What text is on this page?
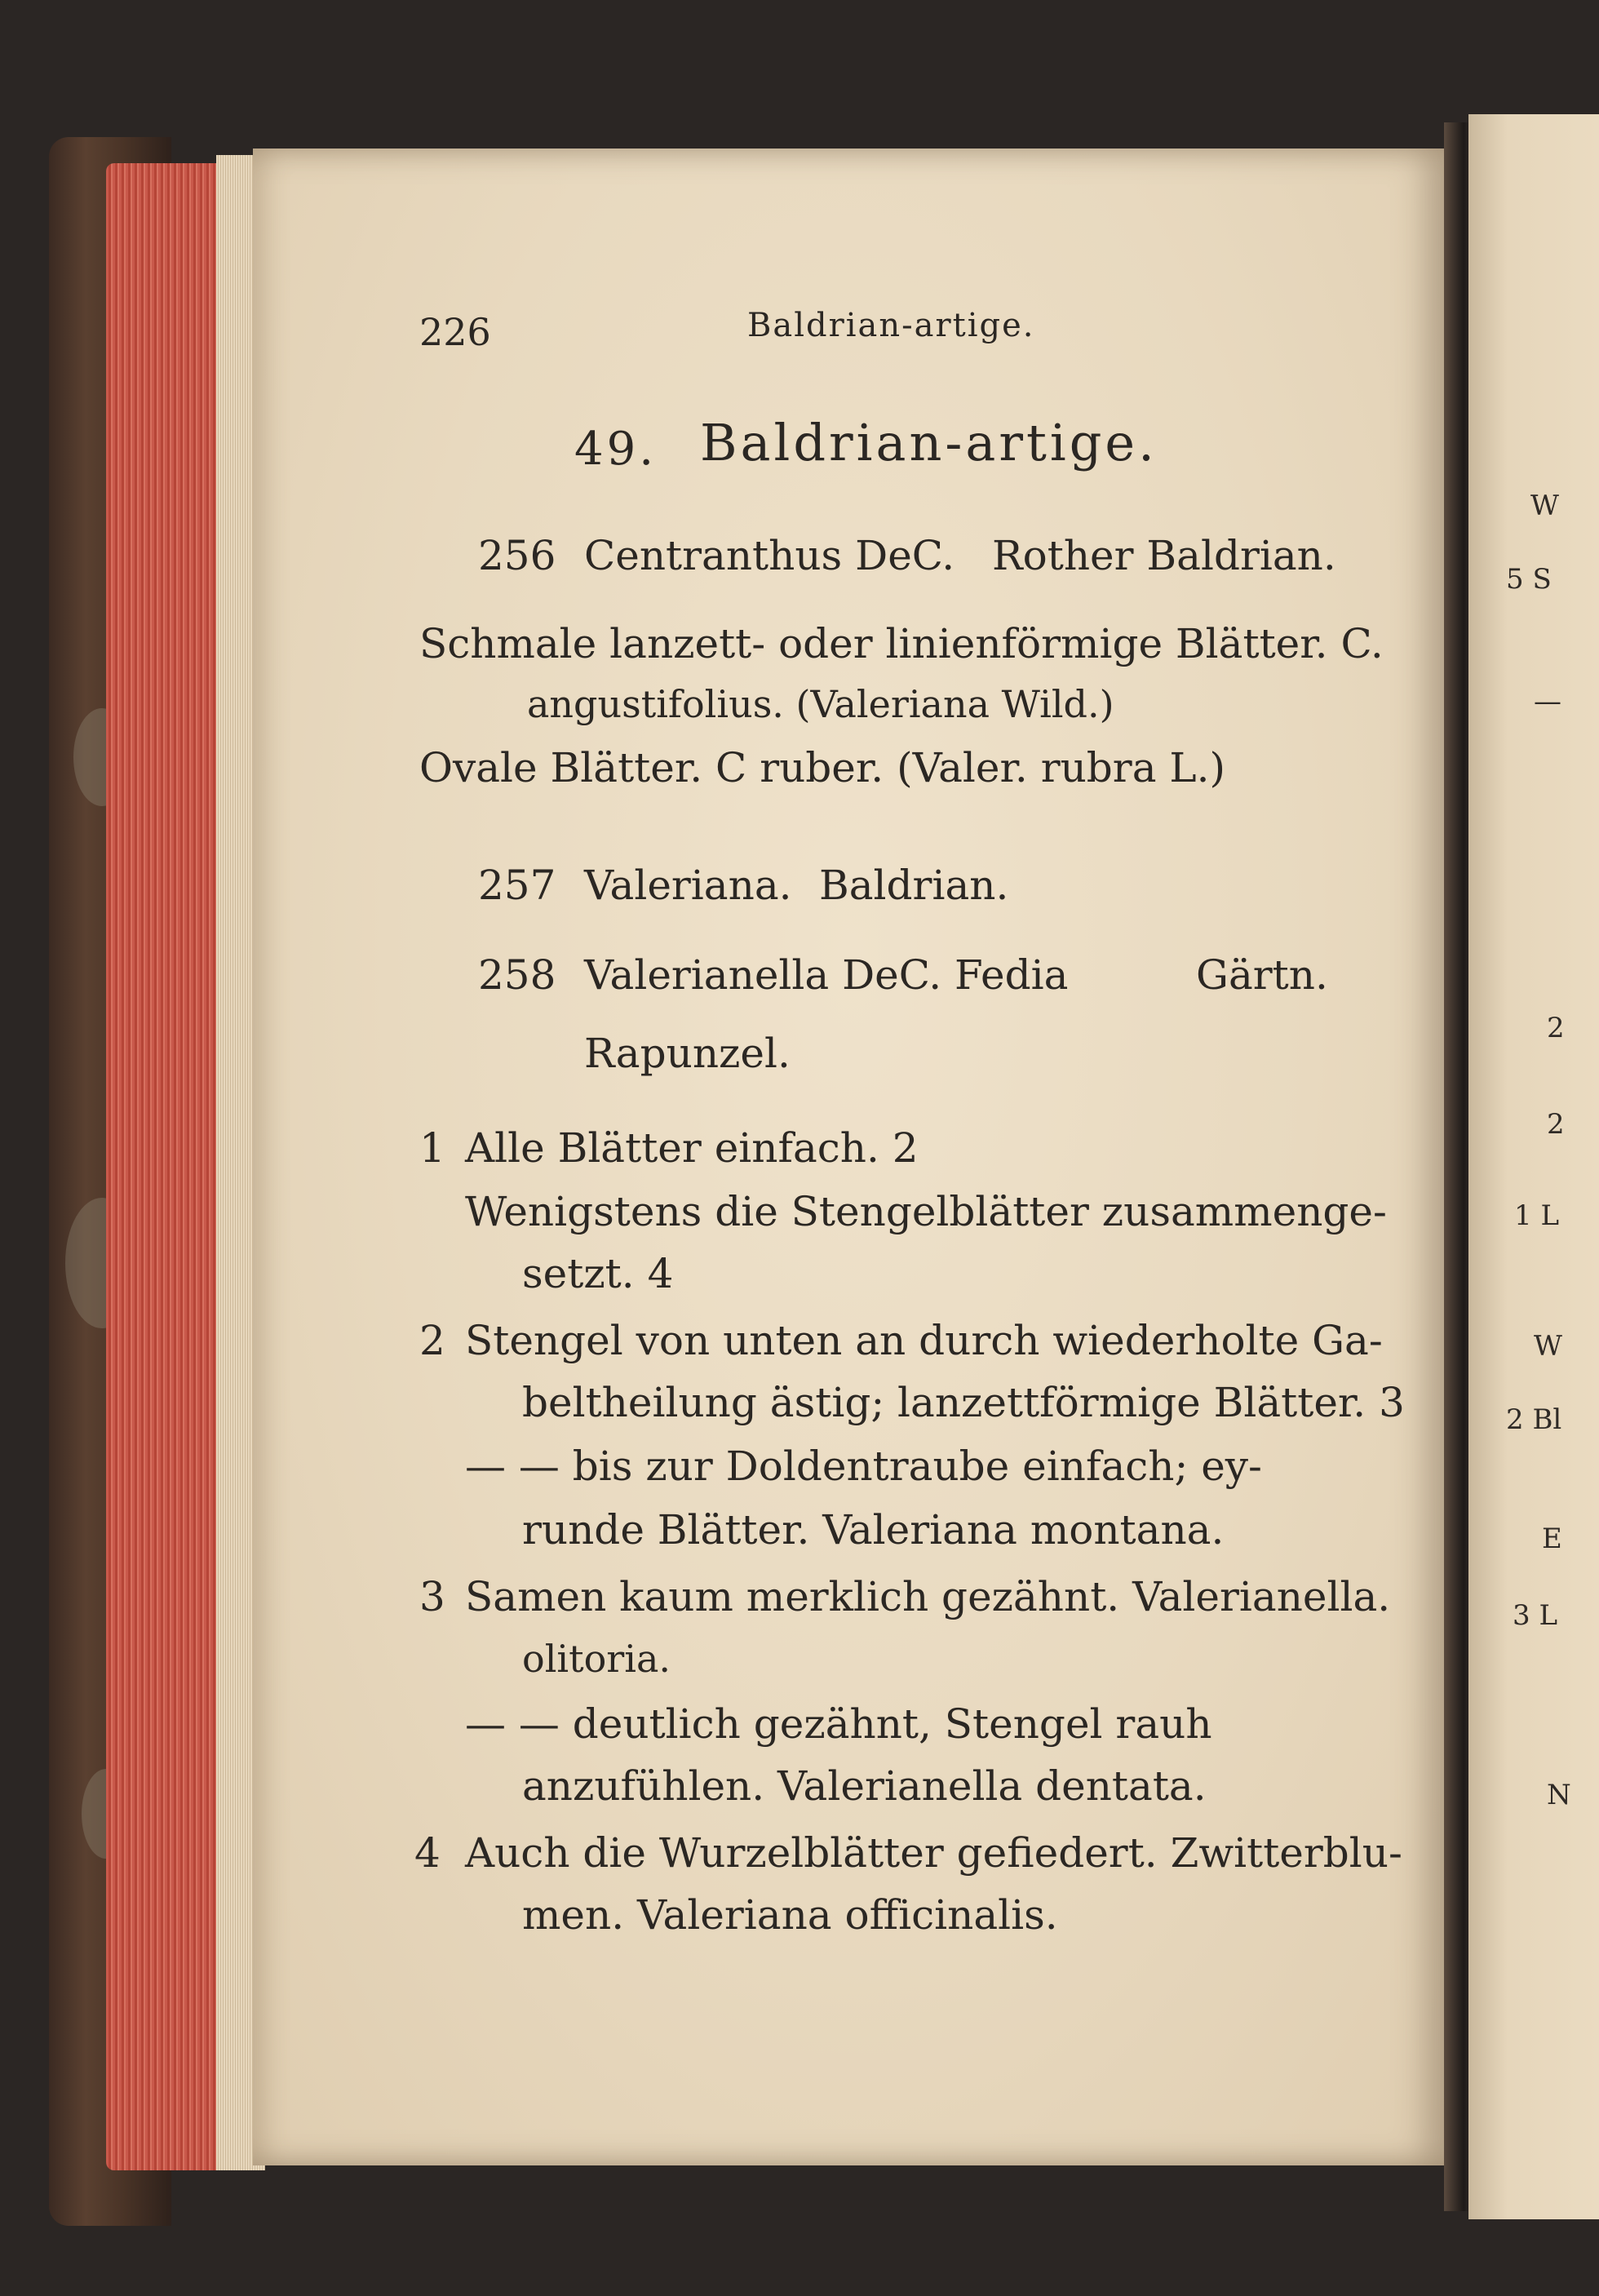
W
5 S
—
2
2
1 L
W
2 Bl
E
3 L
N
226	Baldrian-artige.
49. Baldrian-artige.
256 Centranthus DeC. Rother Baldrian.
Schmale lanzett- oder linienförmige Blätter. C.
angustifolius. (Valeriana Wild.)
Ovale Blätter. C ruber. (Valer. rubra L.)
257 Valeriana. Baldrian.
258 Valerianella DeC. Fedia	Gärtn.
Rapunzel.
1 Alle Blätter einfach. 2
Wenigstens die Stengelblätter zusammenge-
setzt. 4
2 Stengel von unten an durch wiederholte Ga-
beltheilung ästig; lanzettförmige Blätter. 3
— — bis zur Doldentraube einfach; ey-
runde Blätter. Valeriana montana.
3 Samen kaum merklich gezähnt. Valerianella.
olitoria.
— — deutlich gezähnt, Stengel rauh
anzufühlen. Valerianella dentata.
4 Auch die Wurzelblätter gefiedert. Zwitterblu-
men. Valeriana officinalis.
